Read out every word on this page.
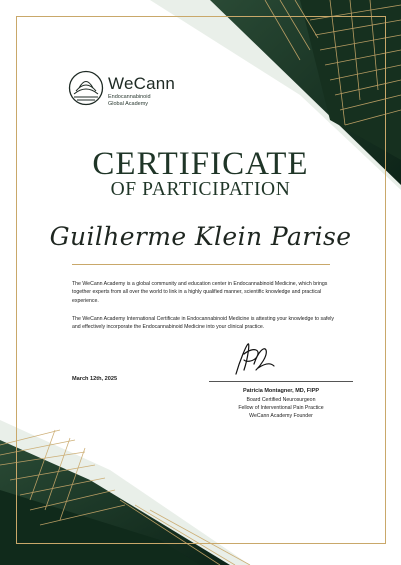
WeCann
Endocannabinoid
Global Academy
CERTIFICATE
OF PARTICIPATION
Guilherme Klein Parise
The WeCann Academy is a global community and education center in Endocannabinoid Medicine, which brings together experts from all over the world to link in a highly qualified manner, scientific knowledge and practical experience.
The WeCann Academy International Certificate in Endocannabinoid Medicine is attesting your knowledge to safely and effectively incorporate the Endocannabinoid Medicine into your clinical practice.
March 12th, 2025
Patricia Montagner, MD, FIPP
Board Certified Neurosurgeon
Fellow of Interventional Pain Practice
WeCann Academy Founder
